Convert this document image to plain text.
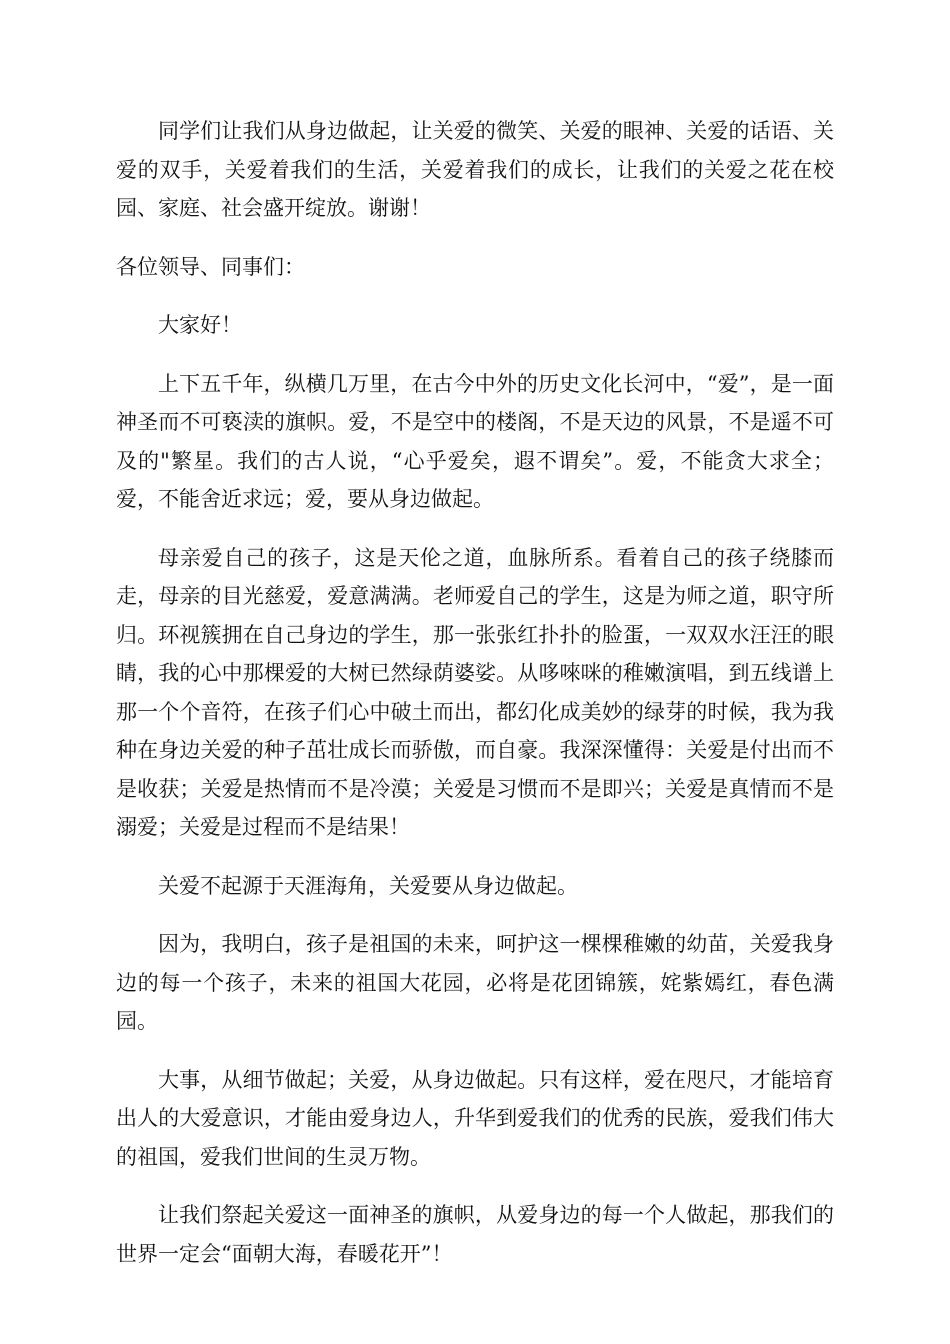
同学们让我们从身边做起，让关爱的微笑、关爱的眼神、关爱的话语、关爱的双手，关爱着我们的生活，关爱着我们的成长，让我们的关爱之花在校园、家庭、社会盛开绽放。谢谢！

各位领导、同事们：

大家好！

上下五千年，纵横几万里，在古今中外的历史文化长河中，“爱”，是一面神圣而不可亵渎的旗帜。爱，不是空中的楼阁，不是天边的风景，不是遥不可及的"繁星。我们的古人说，“心乎爱矣，遐不谓矣”。爱，不能贪大求全；爱，不能舍近求远；爱，要从身边做起。

母亲爱自己的孩子，这是天伦之道，血脉所系。看着自己的孩子绕膝而走，母亲的目光慈爱，爱意满满。老师爱自己的学生，这是为师之道，职守所归。环视簇拥在自己身边的学生，那一张张红扑扑的脸蛋，一双双水汪汪的眼睛，我的心中那棵爱的大树已然绿荫婆娑。从哆唻咪的稚嫩演唱，到五线谱上那一个个音符，在孩子们心中破土而出，都幻化成美妙的绿芽的时候，我为我种在身边关爱的种子茁壮成长而骄傲，而自豪。我深深懂得：关爱是付出而不是收获；关爱是热情而不是冷漠；关爱是习惯而不是即兴；关爱是真情而不是溺爱；关爱是过程而不是结果！

关爱不起源于天涯海角，关爱要从身边做起。

因为，我明白，孩子是祖国的未来，呵护这一棵棵稚嫩的幼苗，关爱我身边的每一个孩子，未来的祖国大花园，必将是花团锦簇，姹紫嫣红，春色满园。

大事，从细节做起；关爱，从身边做起。只有这样，爱在咫尺，才能培育出人的大爱意识，才能由爱身边人，升华到爱我们的优秀的民族，爱我们伟大的祖国，爱我们世间的生灵万物。

让我们祭起关爱这一面神圣的旗帜，从爱身边的每一个人做起，那我们的世界一定会“面朝大海，春暖花开”！
